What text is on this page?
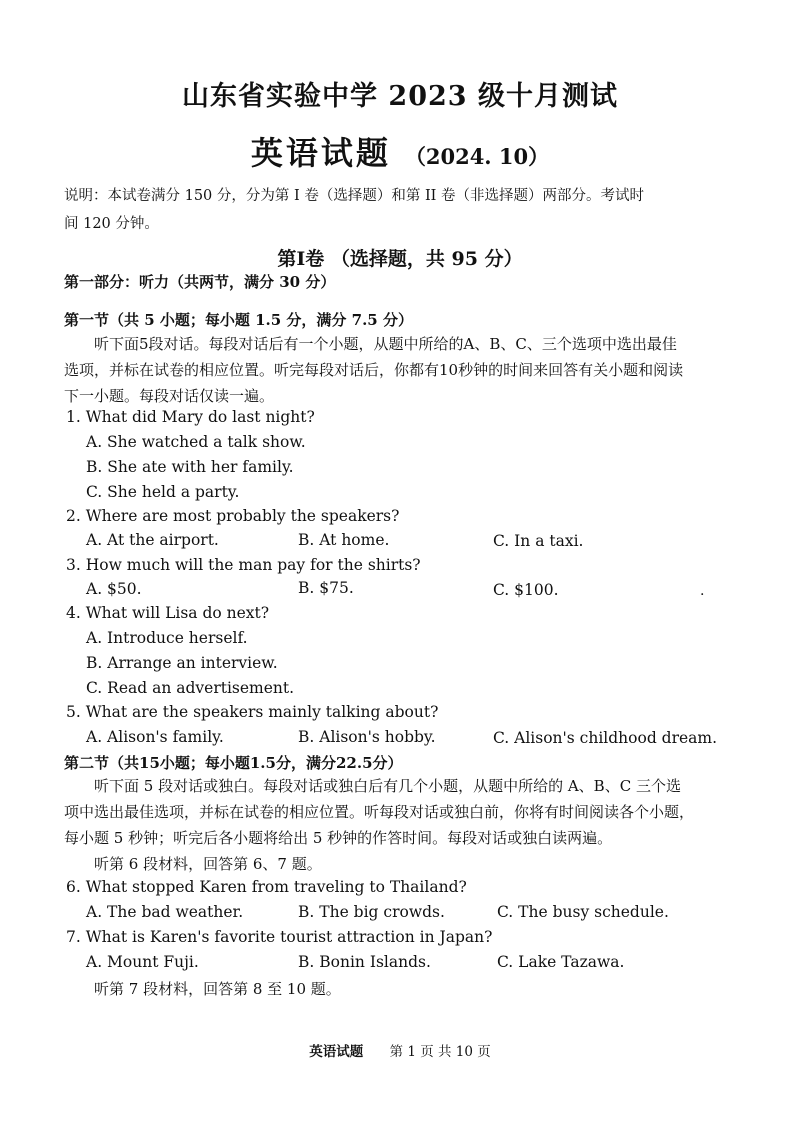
山东省实验中学 2023 级十月测试
英语试题 （2024. 10）
说明：本试卷满分 150 分，分为第 I 卷（选择题）和第 II 卷（非选择题）两部分。考试时
间 120 分钟。
第I卷 （选择题，共 95 分）
第一部分：听力（共两节，满分 30 分）
第一节（共 5 小题；每小题 1.5 分，满分 7.5 分）
听下面5段对话。每段对话后有一个小题，从题中所给的A、B、C、三个选项中选出最佳
选项，并标在试卷的相应位置。听完每段对话后，你都有10秒钟的时间来回答有关小题和阅读
下一小题。每段对话仅读一遍。
1. What did Mary do last night?
A. She watched a talk show.
B. She ate with her family.
C. She held a party.
2. Where are most probably the speakers?
A. At the airport.	B. At home.	C. In a taxi.
3. How much will the man pay for the shirts?
A. $50.	B. $75.	C. $100.	.
4. What will Lisa do next?
A. Introduce herself.
B. Arrange an interview.
C. Read an advertisement.
5. What are the speakers mainly talking about?
A. Alison's family.	B. Alison's hobby.	C. Alison's childhood dream.
第二节（共15小题；每小题1.5分，满分22.5分）
听下面 5 段对话或独白。每段对话或独白后有几个小题，从题中所给的 A、B、C 三个选
项中选出最佳选项，并标在试卷的相应位置。听每段对话或独白前，你将有时间阅读各个小题，
每小题 5 秒钟；听完后各小题将给出 5 秒钟的作答时间。每段对话或独白读两遍。
听第 6 段材料，回答第 6、7 题。
6. What stopped Karen from traveling to Thailand?
A. The bad weather.	B. The big crowds.	C. The busy schedule.
7. What is Karen's favorite tourist attraction in Japan?
A. Mount Fuji.	B. Bonin Islands.	C. Lake Tazawa.
听第 7 段材料，回答第 8 至 10 题。
英语试题 第 1 页 共 10 页
